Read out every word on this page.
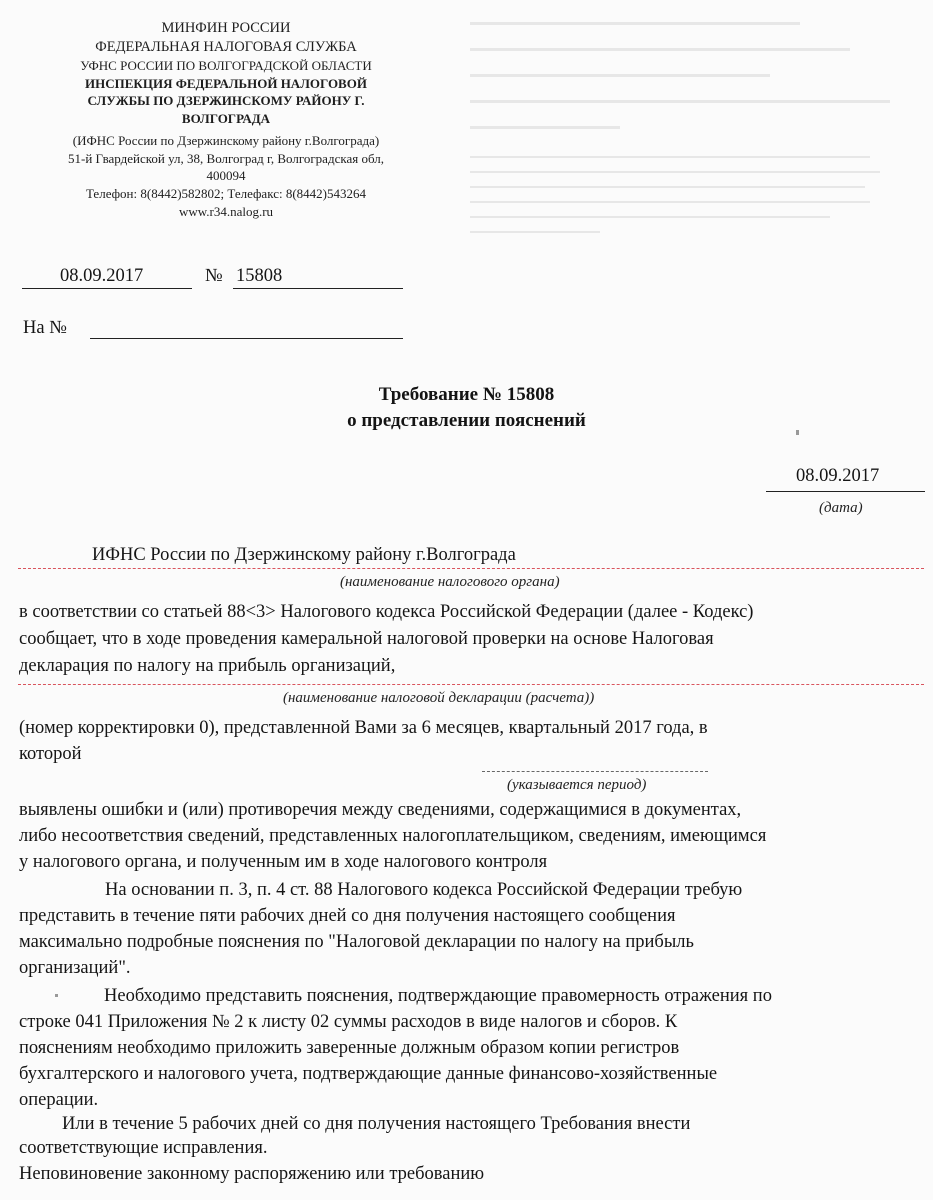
МИНФИН РОССИИ
ФЕДЕРАЛЬНАЯ НАЛОГОВАЯ СЛУЖБА
УФНС РОССИИ ПО ВОЛГОГРАДСКОЙ ОБЛАСТИ
ИНСПЕКЦИЯ ФЕДЕРАЛЬНОЙ НАЛОГОВОЙ
СЛУЖБЫ ПО ДЗЕРЖИНСКОМУ РАЙОНУ Г.
ВОЛГОГРАДА
(ИФНС России по Дзержинскому району г.Волгограда)
51-й Гвардейской ул, 38, Волгоград г, Волгоградская обл,
400094
Телефон: 8(8442)582802; Телефакс: 8(8442)543264
www.r34.nalog.ru
08.09.2017	№ 15808
На №
Требование № 15808
о представлении пояснений
08.09.2017
(дата)
ИФНС России по Дзержинскому району г.Волгограда
(наименование налогового органа)
в соответствии со статьей 88<3> Налогового кодекса Российской Федерации (далее - Кодекс)
сообщает, что в ходе проведения камеральной налоговой проверки на основе Налоговая
декларация по налогу на прибыль организаций,
(наименование налоговой декларации (расчета))
(номер корректировки 0), представленной Вами за 6 месяцев, квартальный 2017 года, в
которой
(указывается период)
выявлены ошибки и (или) противоречия между сведениями, содержащимися в документах,
либо несоответствия сведений, представленных налогоплательщиком, сведениям, имеющимся
у налогового органа, и полученным им в ходе налогового контроля
На основании п. 3, п. 4 ст. 88 Налогового кодекса Российской Федерации требую
представить в течение пяти рабочих дней со дня получения настоящего сообщения
максимально подробные пояснения по "Налоговой декларации по налогу на прибыль
организаций".
Необходимо представить пояснения, подтверждающие правомерность отражения по
строке 041 Приложения № 2 к листу 02 суммы расходов в виде налогов и сборов. К
пояснениям необходимо приложить заверенные должным образом копии регистров
бухгалтерского и налогового учета, подтверждающие данные финансово-хозяйственные
операции.
Или в течение 5 рабочих дней со дня получения настоящего Требования внести
соответствующие исправления.
Неповиновение законному распоряжению или требованию
